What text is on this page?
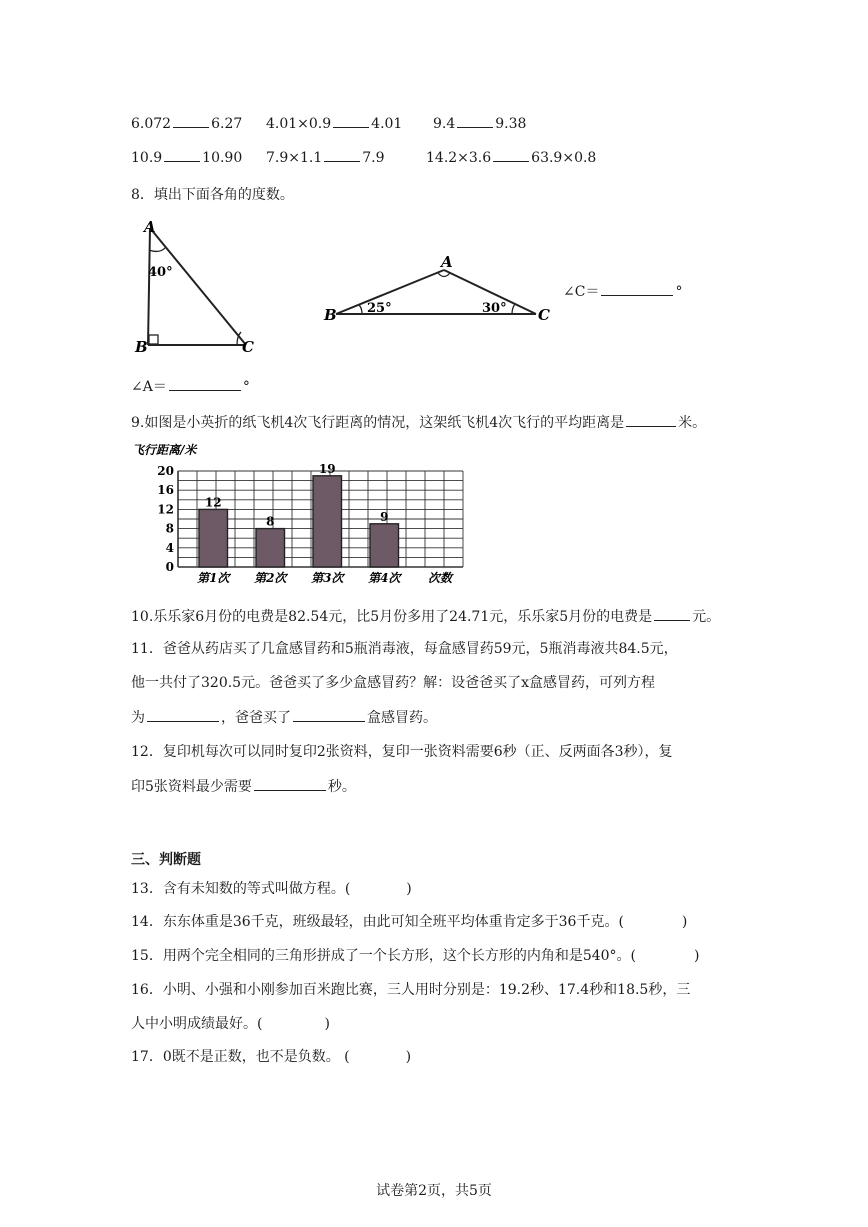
6.072	6.27 4.01×0.9	4.01 9.4	9.38
10.9	10.90 7.9×1.1	7.9	14.2×3.6	63.9×0.8
8．填出下面各角的度数。
A
40°
B	C
A
B	C
25°	30°
∠C＝	°
∠A＝	°
9.如图是小英折的纸飞机4次飞行距离的情况，这架纸飞机4次飞行的平均距离是	米。
飞行距离/米
0
4
8
12
16
20
12
第1次
8
第2次
19
第3次
9
第4次 次数
10.乐乐家6月份的电费是82.54元，比5月份多用了24.71元，乐乐家5月份的电费是	元。
11．爸爸从药店买了几盒感冒药和5瓶消毒液，每盒感冒药59元，5瓶消毒液共84.5元，
他一共付了320.5元。爸爸买了多少盒感冒药？解：设爸爸买了x盒感冒药，可列方程
为	，爸爸买了	盒感冒药。
12．复印机每次可以同时复印2张资料，复印一张资料需要6秒（正、反两面各3秒），复
印5张资料最少需要	秒。
三、判断题
13．含有未知数的等式叫做方程。(	)
14．东东体重是36千克，班级最轻，由此可知全班平均体重肯定多于36千克。(	)
15．用两个完全相同的三角形拼成了一个长方形，这个长方形的内角和是540°。(	)
16．小明、小强和小刚参加百米跑比赛，三人用时分别是：19.2秒、17.4秒和18.5秒，三
人中小明成绩最好。(	)
17．0既不是正数，也不是负数。 (	)
试卷第2页，共5页
